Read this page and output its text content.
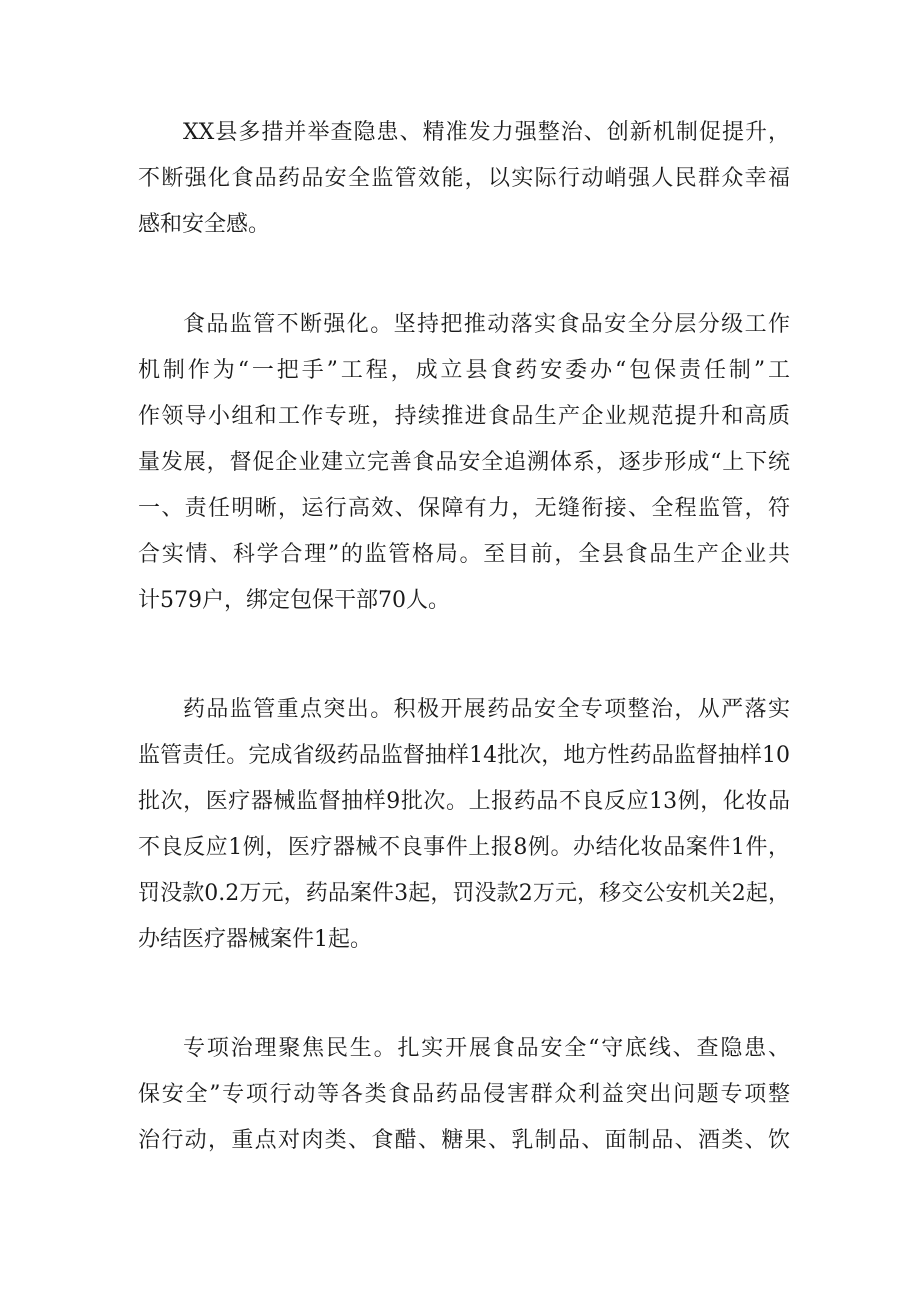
XX县多措并举查隐患、精准发力强整治、创新机制促提升，
不断强化食品药品安全监管效能，以实际行动峭强人民群众幸福
感和安全感。
食品监管不断强化。坚持把推动落实食品安全分层分级工作
机制作为“一把手”工程，成立县食药安委办“包保责任制”工
作领导小组和工作专班，持续推进食品生产企业规范提升和高质
量发展，督促企业建立完善食品安全追溯体系，逐步形成“上下统
一、责任明晰，运行高效、保障有力，无缝衔接、全程监管，符
合实情、科学合理”的监管格局。至目前，全县食品生产企业共
计579户，绑定包保干部70人。
药品监管重点突出。积极开展药品安全专项整治，从严落实
监管责任。完成省级药品监督抽样14批次，地方性药品监督抽样10
批次，医疗器械监督抽样9批次。上报药品不良反应13例，化妆品
不良反应1例，医疗器械不良事件上报8例。办结化妆品案件1件，
罚没款0.2万元，药品案件3起，罚没款2万元，移交公安机关2起，
办结医疗器械案件1起。
专项治理聚焦民生。扎实开展食品安全“守底线、查隐患、
保安全”专项行动等各类食品药品侵害群众利益突出问题专项整
治行动，重点对肉类、食醋、糖果、乳制品、面制品、酒类、饮
